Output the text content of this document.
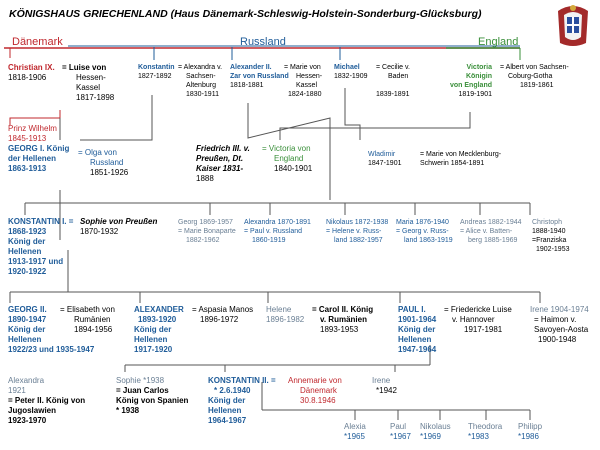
KÖNIGSHAUS GRIECHENLAND (Haus Dänemark-Schleswig-Holstein-Sonderburg-Glücksburg)
Dänemark	Russland	England
Christian IX.
1818-1906
= Luise von
Hessen-
Kassel
1817-1898
Konstantin
1827-1892
= Alexandra v.
Sachsen-
Altenburg
1830-1911
Alexander II.
Zar von Russland
1818-1881
= Marie von
Hessen-
Kassel
1824-1880
Michael
1832-1909
= Cecilie v.
Baden
1839-1891
Victoria
Königin
von England
1819-1901
= Albert von Sachsen-
Coburg-Gotha
1819-1861
Prinz Wilhelm
1845-1913
GEORG I. König
der Hellenen
1863-1913
= Olga von
Russland
1851-1926
Friedrich III. v.
Preußen, Dt.
Kaiser 1831-
1888
= Victoria von
England
1840-1901
Wladimir
1847-1901
= Marie von Mecklenburg-
Schwerin 1854-1891
KONSTANTIN I. =
1868-1923
König der
Hellenen
1913-1917 und
1920-1922
Sophie von Preußen
1870-1932
Georg 1869-1957
= Marie Bonaparte
1882-1962
Alexandra 1870-1891
= Paul v. Russland
1860-1919
Nikolaus 1872-1938
= Helene v. Russ-
land 1882-1957
Maria 1876-1940
= Georg v. Russ-
land 1863-1919
Andreas 1882-1944
= Alice v. Batten-
berg 1885-1969
Christoph
1888-1940
=Franziska
1902-1953
GEORG II.
1890-1947
König der
Hellenen
1922/23 und 1935-1947
= Elisabeth von
Rumänien
1894-1956
ALEXANDER
1893-1920
König der
Hellenen
1917-1920
= Aspasia Manos
1896-1972
Helene
1896-1982
= Carol II. König
v. Rumänien
1893-1953
PAUL I.
1901-1964
König der
Hellenen
1947-1964
= Friedericke Luise
v. Hannover
1917-1981
Irene 1904-1974
= Haimon v.
Savoyen-Aosta
1900-1948
Alexandra
1921
= Peter II. König von
Jugoslawien
1923-1970
Sophie *1938
= Juan Carlos
König von Spanien
* 1938
KONSTANTIN II. =
* 2.6.1940
König der
Hellenen
1964-1967
Annemarie von
Dänemark
30.8.1946
Irene
*1942
Alexia
*1965
Paul
*1967
Nikolaus
*1969
Theodora
*1983
Philipp
*1986
